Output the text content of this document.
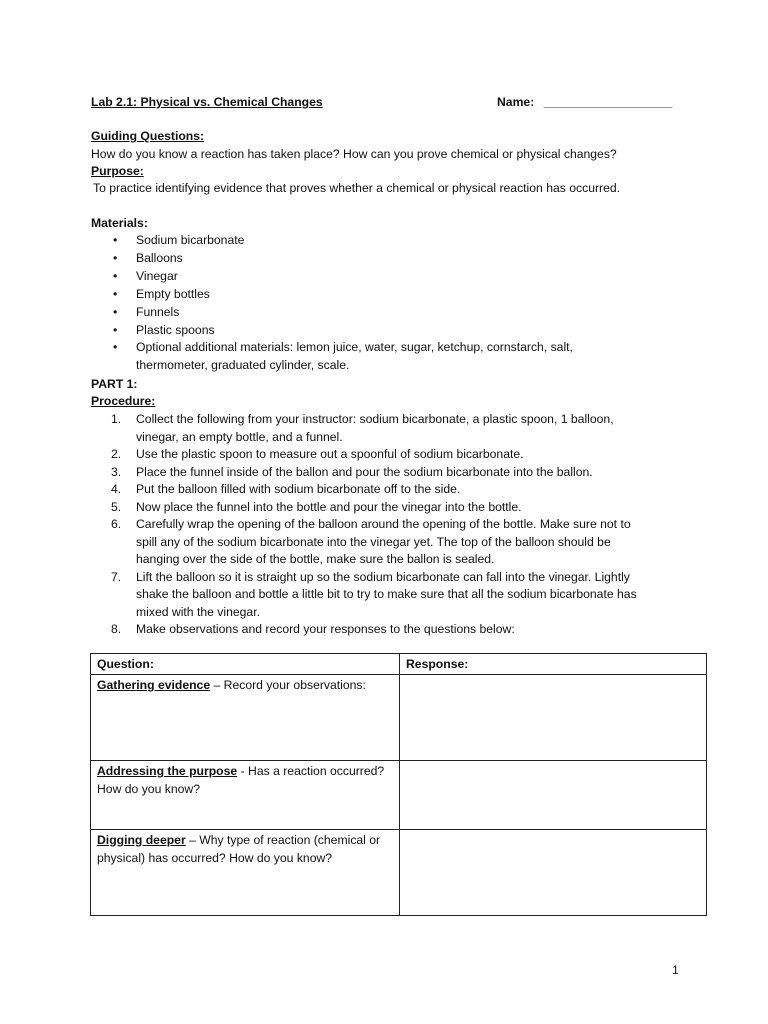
Lab 2.1: Physical vs. Chemical Changes	Name: ___________________
Guiding Questions:
How do you know a reaction has taken place? How can you prove chemical or physical changes?
Purpose:
To practice identifying evidence that proves whether a chemical or physical reaction has occurred.
Materials:
• Sodium bicarbonate
• Balloons
• Vinegar
• Empty bottles
• Funnels
• Plastic spoons
• Optional additional materials: lemon juice, water, sugar, ketchup, cornstarch, salt,
thermometer, graduated cylinder, scale.
PART 1:
Procedure:
1. Collect the following from your instructor: sodium bicarbonate, a plastic spoon, 1 balloon,
vinegar, an empty bottle, and a funnel.
2. Use the plastic spoon to measure out a spoonful of sodium bicarbonate.
3. Place the funnel inside of the ballon and pour the sodium bicarbonate into the ballon.
4. Put the balloon filled with sodium bicarbonate off to the side.
5. Now place the funnel into the bottle and pour the vinegar into the bottle.
6. Carefully wrap the opening of the balloon around the opening of the bottle. Make sure not to
spill any of the sodium bicarbonate into the vinegar yet. The top of the balloon should be
hanging over the side of the bottle, make sure the ballon is sealed.
7. Lift the balloon so it is straight up so the sodium bicarbonate can fall into the vinegar. Lightly
shake the balloon and bottle a little bit to try to make sure that all the sodium bicarbonate has
mixed with the vinegar.
8. Make observations and record your responses to the questions below:
Question:	Response:
Gathering evidence – Record your observations:	
Addressing the purpose - Has a reaction occurred? How do you know?	
Digging deeper – Why type of reaction (chemical or physical) has occurred? How do you know?	
1
